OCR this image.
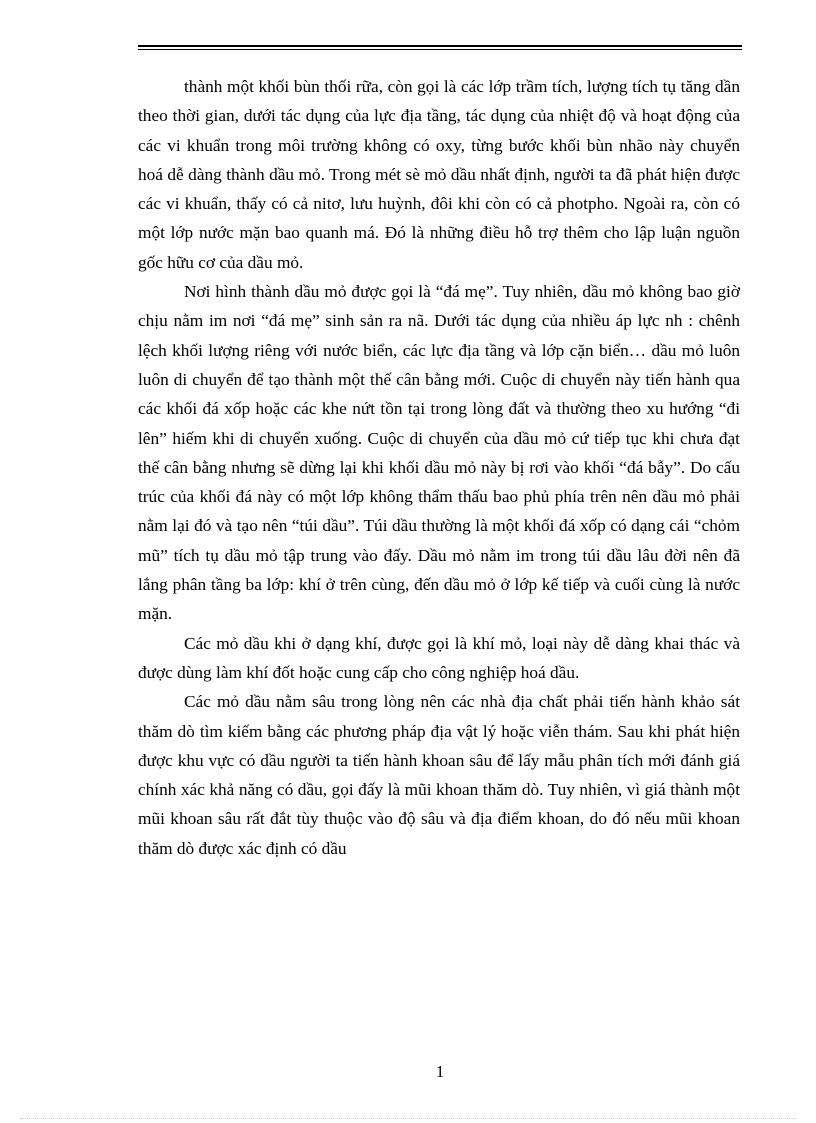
thành một khối bùn thối rữa, còn gọi là các lớp trầm tích, lượng tích tụ tăng dần theo thời gian, dưới tác dụng của lực địa tầng, tác dụng của nhiệt độ và hoạt động của các vi khuẩn trong môi trường không có oxy, từng bước khối bùn nhão này chuyển hoá dễ dàng thành dầu mỏ. Trong mét sè mỏ dầu nhất định, người ta đã phát hiện được các vi khuẩn, thấy có cả nitơ, lưu huỳnh, đôi khi còn có cả photpho. Ngoài ra, còn có một lớp nước mặn bao quanh má. Đó là những điều hỗ trợ thêm cho lập luận nguồn gốc hữu cơ của dầu mỏ.

Nơi hình thành dầu mỏ được gọi là “đá mẹ”. Tuy nhiên, dầu mỏ không bao giờ chịu nằm im nơi “đá mẹ” sinh sản ra nã. Dưới tác dụng của nhiều áp lực nh : chênh lệch khối lượng riêng với nước biển, các lực địa tầng và lớp cặn biển… dầu mỏ luôn luôn di chuyển để tạo thành một thế cân bằng mới. Cuộc di chuyển này tiến hành qua các khối đá xốp hoặc các khe nứt tồn tại trong lòng đất và thường theo xu hướng “đi lên” hiếm khi di chuyển xuống. Cuộc di chuyển của dầu mỏ cứ tiếp tục khi chưa đạt thế cân bằng nhưng sẽ dừng lại khi khối dầu mỏ này bị rơi vào khối “đá bẫy”. Do cấu trúc của khối đá này có một lớp không thẩm thấu bao phủ phía trên nên dầu mỏ phải nằm lại đó và tạo nên “túi dầu”. Túi dầu thường là một khối đá xốp có dạng cái “chỏm mũ” tích tụ dầu mỏ tập trung vào đấy. Dầu mỏ nằm im trong túi dầu lâu đời nên đã lắng phân tầng ba lớp: khí ở trên cùng, đến dầu mỏ ở lớp kế tiếp và cuối cùng là nước mặn.

Các mỏ dầu khi ở dạng khí, được gọi là khí mỏ, loại này dễ dàng khai thác và được dùng làm khí đốt hoặc cung cấp cho công nghiệp hoá dầu.

Các mỏ dầu nằm sâu trong lòng nên các nhà địa chất phải tiến hành khảo sát thăm dò tìm kiếm bằng các phương pháp địa vật lý hoặc viễn thám. Sau khi phát hiện được khu vực có dầu người ta tiến hành khoan sâu để lấy mẫu phân tích mới đánh giá chính xác khả năng có dầu, gọi đấy là mũi khoan thăm dò. Tuy nhiên, vì giá thành một mũi khoan sâu rất đắt tùy thuộc vào độ sâu và địa điểm khoan, do đó nếu mũi khoan thăm dò được xác định có dầu

1
